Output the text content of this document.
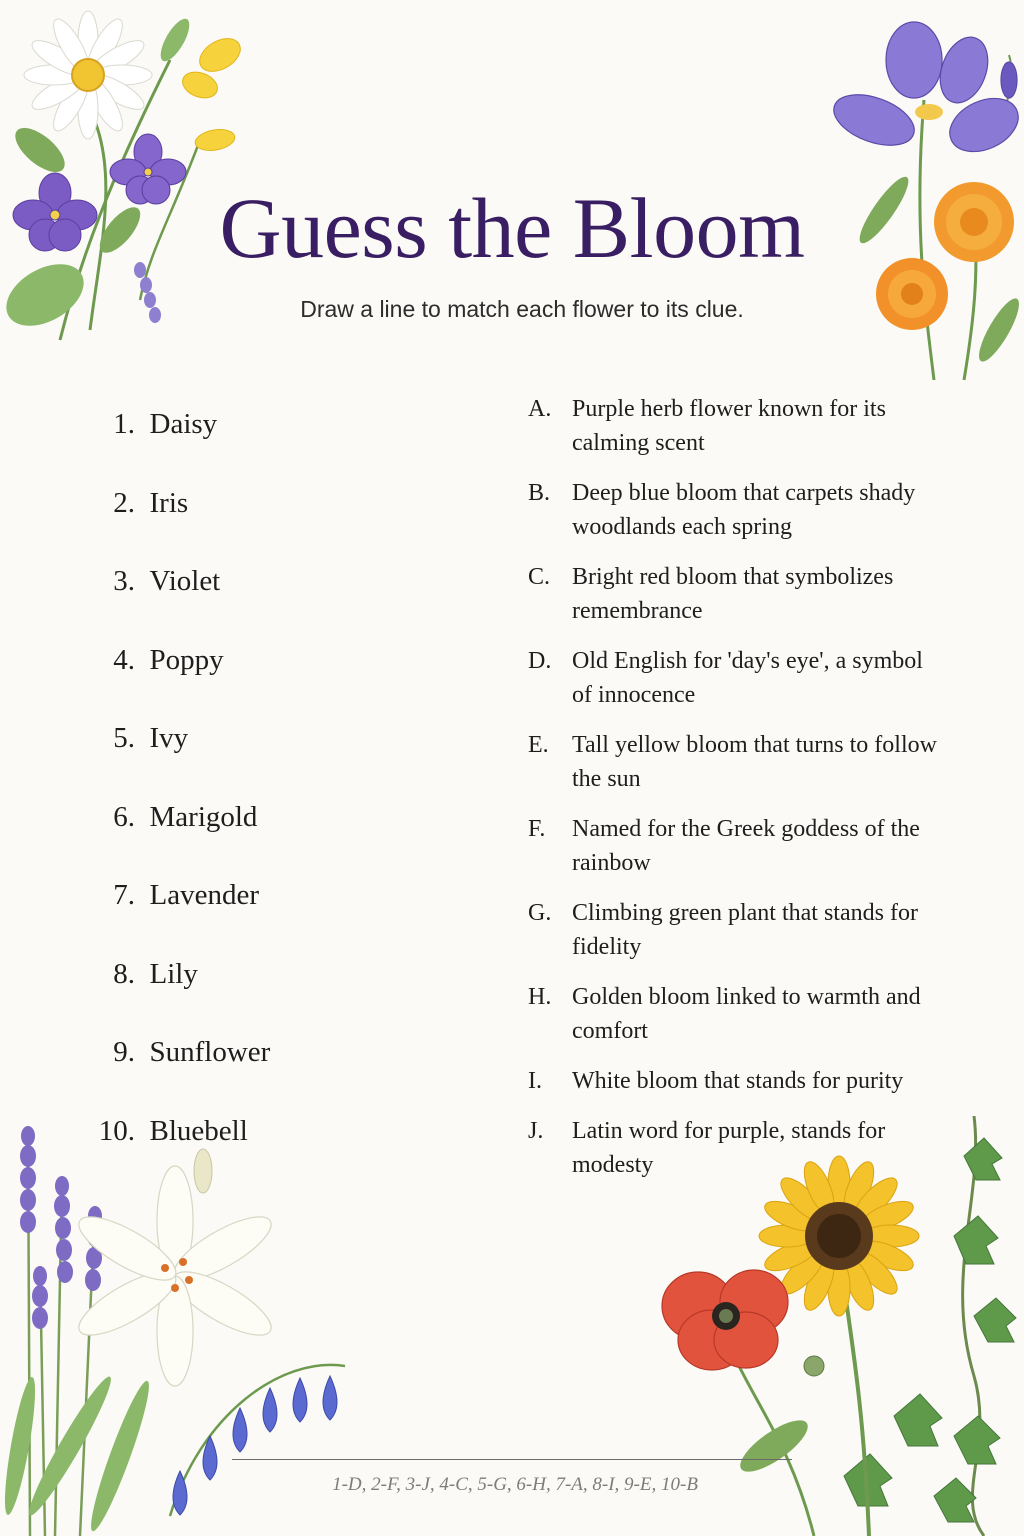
Guess the Bloom
Draw a line to match each flower to its clue.
1.
Daisy
2.
Iris
3.
Violet
4.
Poppy
5.
Ivy
6.
Marigold
7.
Lavender
8.
Lily
9.
Sunflower
10.
Bluebell
A. Purple herb flower known for its calming scent
B. Deep blue bloom that carpets shady woodlands each spring
C. Bright red bloom that symbolizes remembrance
D. Old English for 'day's eye', a symbol of innocence
E. Tall yellow bloom that turns to follow the sun
F.	Named for the Greek goddess of the rainbow
G. Climbing green plant that stands for fidelity
H. Golden bloom linked to warmth and comfort
I.	White bloom that stands for purity
J.	Latin word for purple, stands for modesty
1-D, 2-F, 3-J, 4-C, 5-G, 6-H, 7-A, 8-I, 9-E, 10-B
